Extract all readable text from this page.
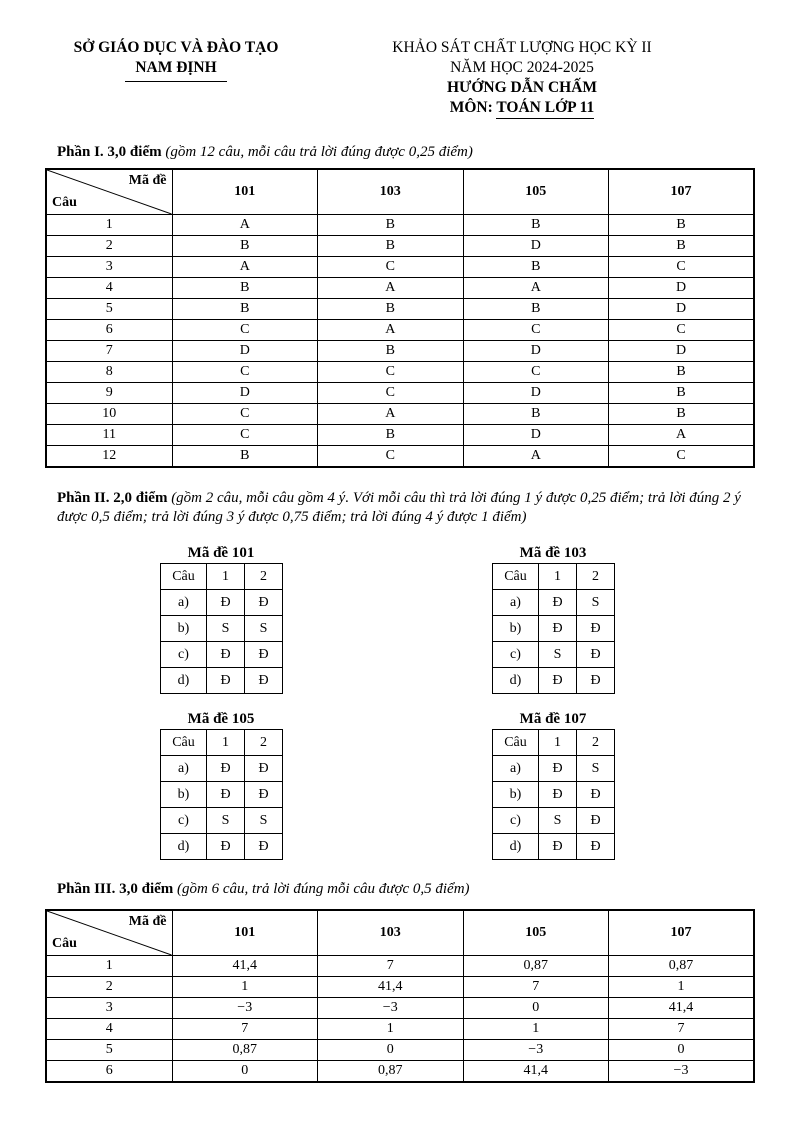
SỞ GIÁO DỤC VÀ ĐÀO TẠO
NAM ĐỊNH
KHẢO SÁT CHẤT LƯỢNG HỌC KỲ II
NĂM HỌC 2024-2025
HƯỚNG DẪN CHẤM
MÔN: TOÁN LỚP 11
Phần I. 3,0 điểm (gồm 12 câu, mỗi câu trả lời đúng được 0,25 điểm)
Mã đề
Câu	101	103	105	107
1	A	B	B	B
2	B	B	D	B
3	A	C	B	C
4	B	A	A	D
5	B	B	B	D
6	C	A	C	C
7	D	B	D	D
8	C	C	C	B
9	D	C	D	B
10	C	A	B	B
11	C	B	D	A
12	B	C	A	C
Phần II. 2,0 điểm (gồm 2 câu, mỗi câu gồm 4 ý. Với mỗi câu thì trả lời đúng 1 ý được 0,25 điểm; trả lời đúng 2 ý được 0,5 điểm; trả lời đúng 3 ý được 0,75 điểm; trả lời đúng 4 ý được 1 điểm)
Mã đề 101
Câu	1	2
a)	Đ	Đ
b)	S	S
c)	Đ	Đ
d)	Đ	Đ
Mã đề 103
Câu	1	2
a)	Đ	S
b)	Đ	Đ
c)	S	Đ
d)	Đ	Đ
Mã đề 105
Câu	1	2
a)	Đ	Đ
b)	Đ	Đ
c)	S	S
d)	Đ	Đ
Mã đề 107
Câu	1	2
a)	Đ	S
b)	Đ	Đ
c)	S	Đ
d)	Đ	Đ
Phần III. 3,0 điểm (gồm 6 câu, trả lời đúng mỗi câu được 0,5 điểm)
Mã đề
Câu	101	103	105	107
1	41,4	7	0,87	0,87
2	1	41,4	7	1
3	−3	−3	0	41,4
4	7	1	1	7
5	0,87	0	−3	0
6	0	0,87	41,4	−3
